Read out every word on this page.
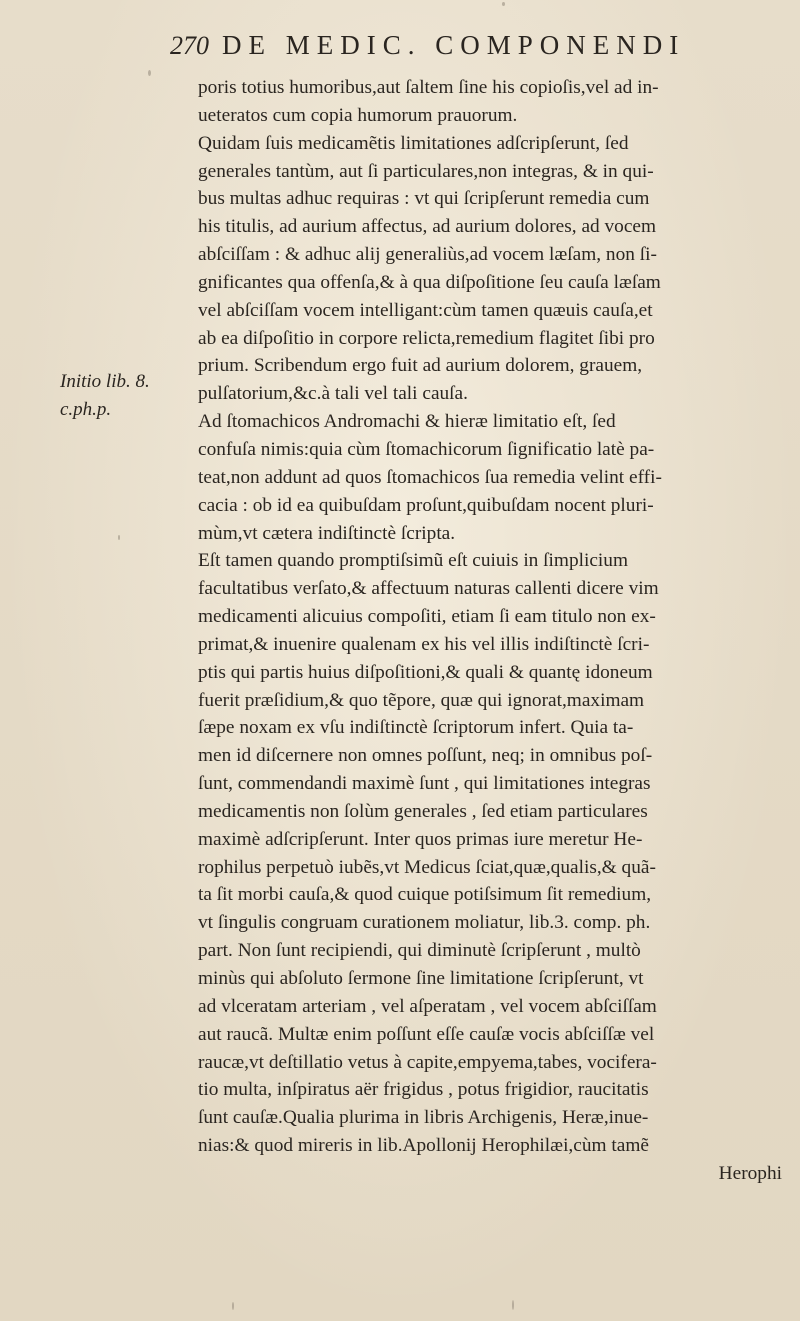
270 DE MEDIC. COMPONENDI
Initio lib. 8.
c.ph.p.
poris totius humoribus,aut ſaltem ſine his copioſis,vel ad in-
ueteratos cum copia humorum prauorum.
Quidam ſuis medicamẽtis limitationes adſcripſerunt, ſed
generales tantùm, aut ſi particulares,non integras, & in qui-
bus multas adhuc requiras : vt qui ſcripſerunt remedia cum
his titulis, ad aurium affectus, ad aurium dolores, ad vocem
abſciſſam : & adhuc alij generaliùs,ad vocem læſam, non ſi-
gnificantes qua offenſa,& à qua diſpoſitione ſeu cauſa læſam
vel abſciſſam vocem intelligant:cùm tamen quæuis cauſa,et
ab ea diſpoſitio in corpore relicta,remedium flagitet ſibi pro
prium. Scribendum ergo fuit ad aurium dolorem, grauem,
pulſatorium,&c.à tali vel tali cauſa.
Ad ſtomachicos Andromachi & hieræ limitatio eſt, ſed
confuſa nimis:quia cùm ſtomachicorum ſignificatio latè pa-
teat,non addunt ad quos ſtomachicos ſua remedia velint effi-
cacia : ob id ea quibuſdam proſunt,quibuſdam nocent pluri-
mùm,vt cætera indiſtinctè ſcripta.
Eſt tamen quando promptiſsimũ eſt cuiuis in ſimplicium
facultatibus verſato,& affectuum naturas callenti dicere vim
medicamenti alicuius compoſiti, etiam ſi eam titulo non ex-
primat,& inuenire qualenam ex his vel illis indiſtinctè ſcri-
ptis qui partis huius diſpoſitioni,& quali & quantę idoneum
fuerit præſidium,& quo tẽpore, quæ qui ignorat,maximam
ſæpe noxam ex vſu indiſtinctè ſcriptorum infert. Quia ta-
men id diſcernere non omnes poſſunt, neq; in omnibus poſ-
ſunt, commendandi maximè ſunt , qui limitationes integras
medicamentis non ſolùm generales , ſed etiam particulares
maximè adſcripſerunt. Inter quos primas iure meretur He-
rophilus perpetuò iubẽs,vt Medicus ſciat,quæ,qualis,& quã-
ta ſit morbi cauſa,& quod cuique potiſsimum ſit remedium,
vt ſingulis congruam curationem moliatur, lib.3. comp. ph.
part. Non ſunt recipiendi, qui diminutè ſcripſerunt , multò
minùs qui abſoluto ſermone ſine limitatione ſcripſerunt, vt
ad vlceratam arteriam , vel aſperatam , vel vocem abſciſſam
aut raucã. Multæ enim poſſunt eſſe cauſæ vocis abſciſſæ vel
raucæ,vt deſtillatio vetus à capite,empyema,tabes, vocifera-
tio multa, inſpiratus aër frigidus , potus frigidior, raucitatis
ſunt cauſæ.Qualia plurima in libris Archigenis, Heræ,inue-
nias:& quod mireris in lib.Apollonij Herophilæi,cùm tamẽ
Herophi
